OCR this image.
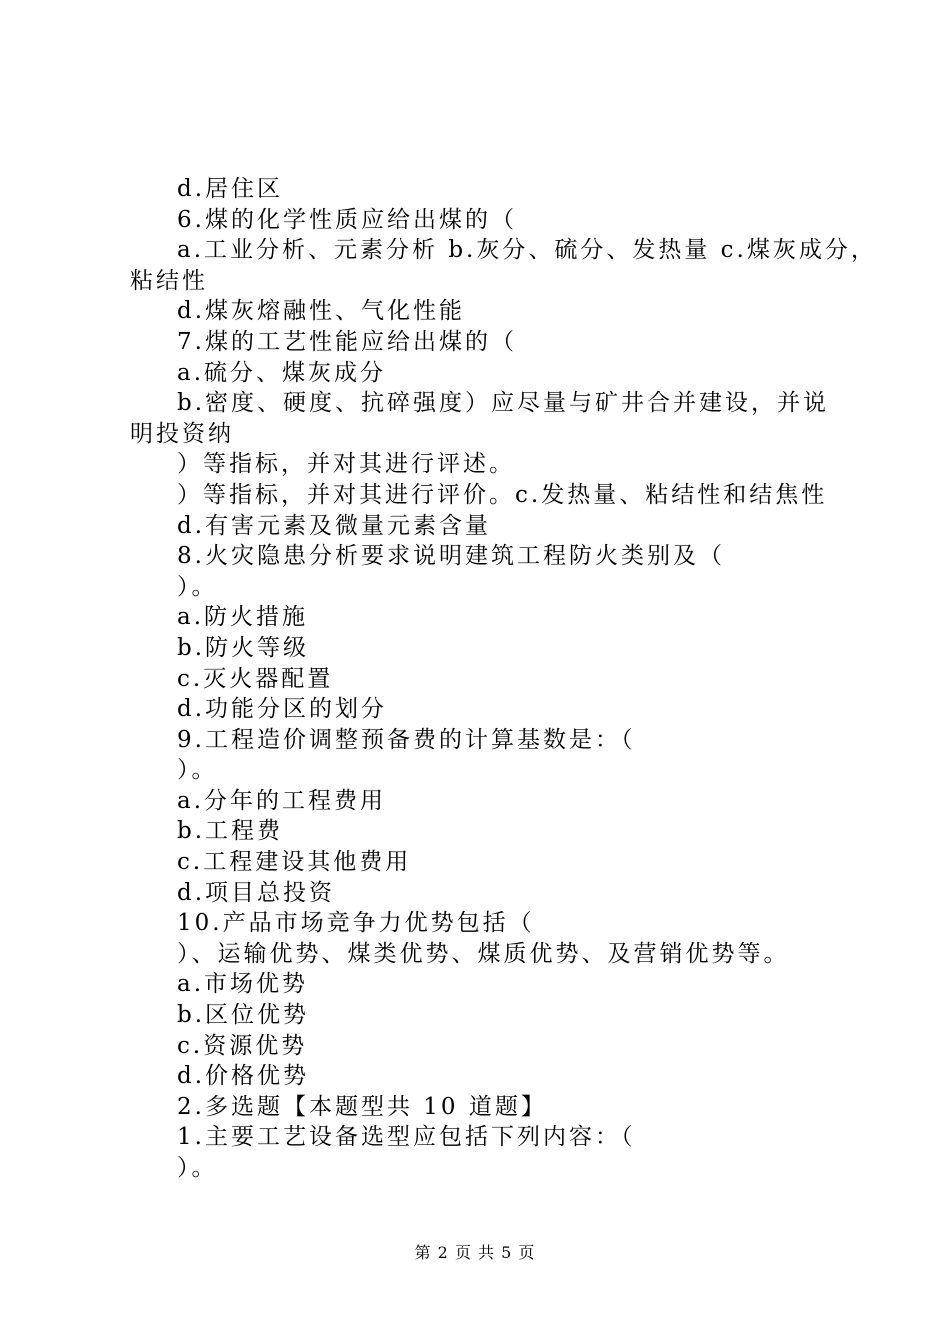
d.居住区
6.煤的化学性质应给出煤的（
a.工业分析、元素分析 b.灰分、硫分、发热量 c.煤灰成分，
粘结性
d.煤灰熔融性、气化性能
7.煤的工艺性能应给出煤的（
a.硫分、煤灰成分
b.密度、硬度、抗碎强度）应尽量与矿井合并建设，并说
明投资纳
）等指标，并对其进行评述。
）等指标，并对其进行评价。c.发热量、粘结性和结焦性
d.有害元素及微量元素含量
8.火灾隐患分析要求说明建筑工程防火类别及（
）。
a.防火措施
b.防火等级
c.灭火器配置
d.功能分区的划分
9.工程造价调整预备费的计算基数是：（
）。
a.分年的工程费用
b.工程费
c.工程建设其他费用
d.项目总投资
10.产品市场竞争力优势包括（
）、运输优势、煤类优势、煤质优势、及营销优势等。
a.市场优势
b.区位优势
c.资源优势
d.价格优势
2.多选题【本题型共 10 道题】
1.主要工艺设备选型应包括下列内容：（
）。
第 2 页 共 5 页
